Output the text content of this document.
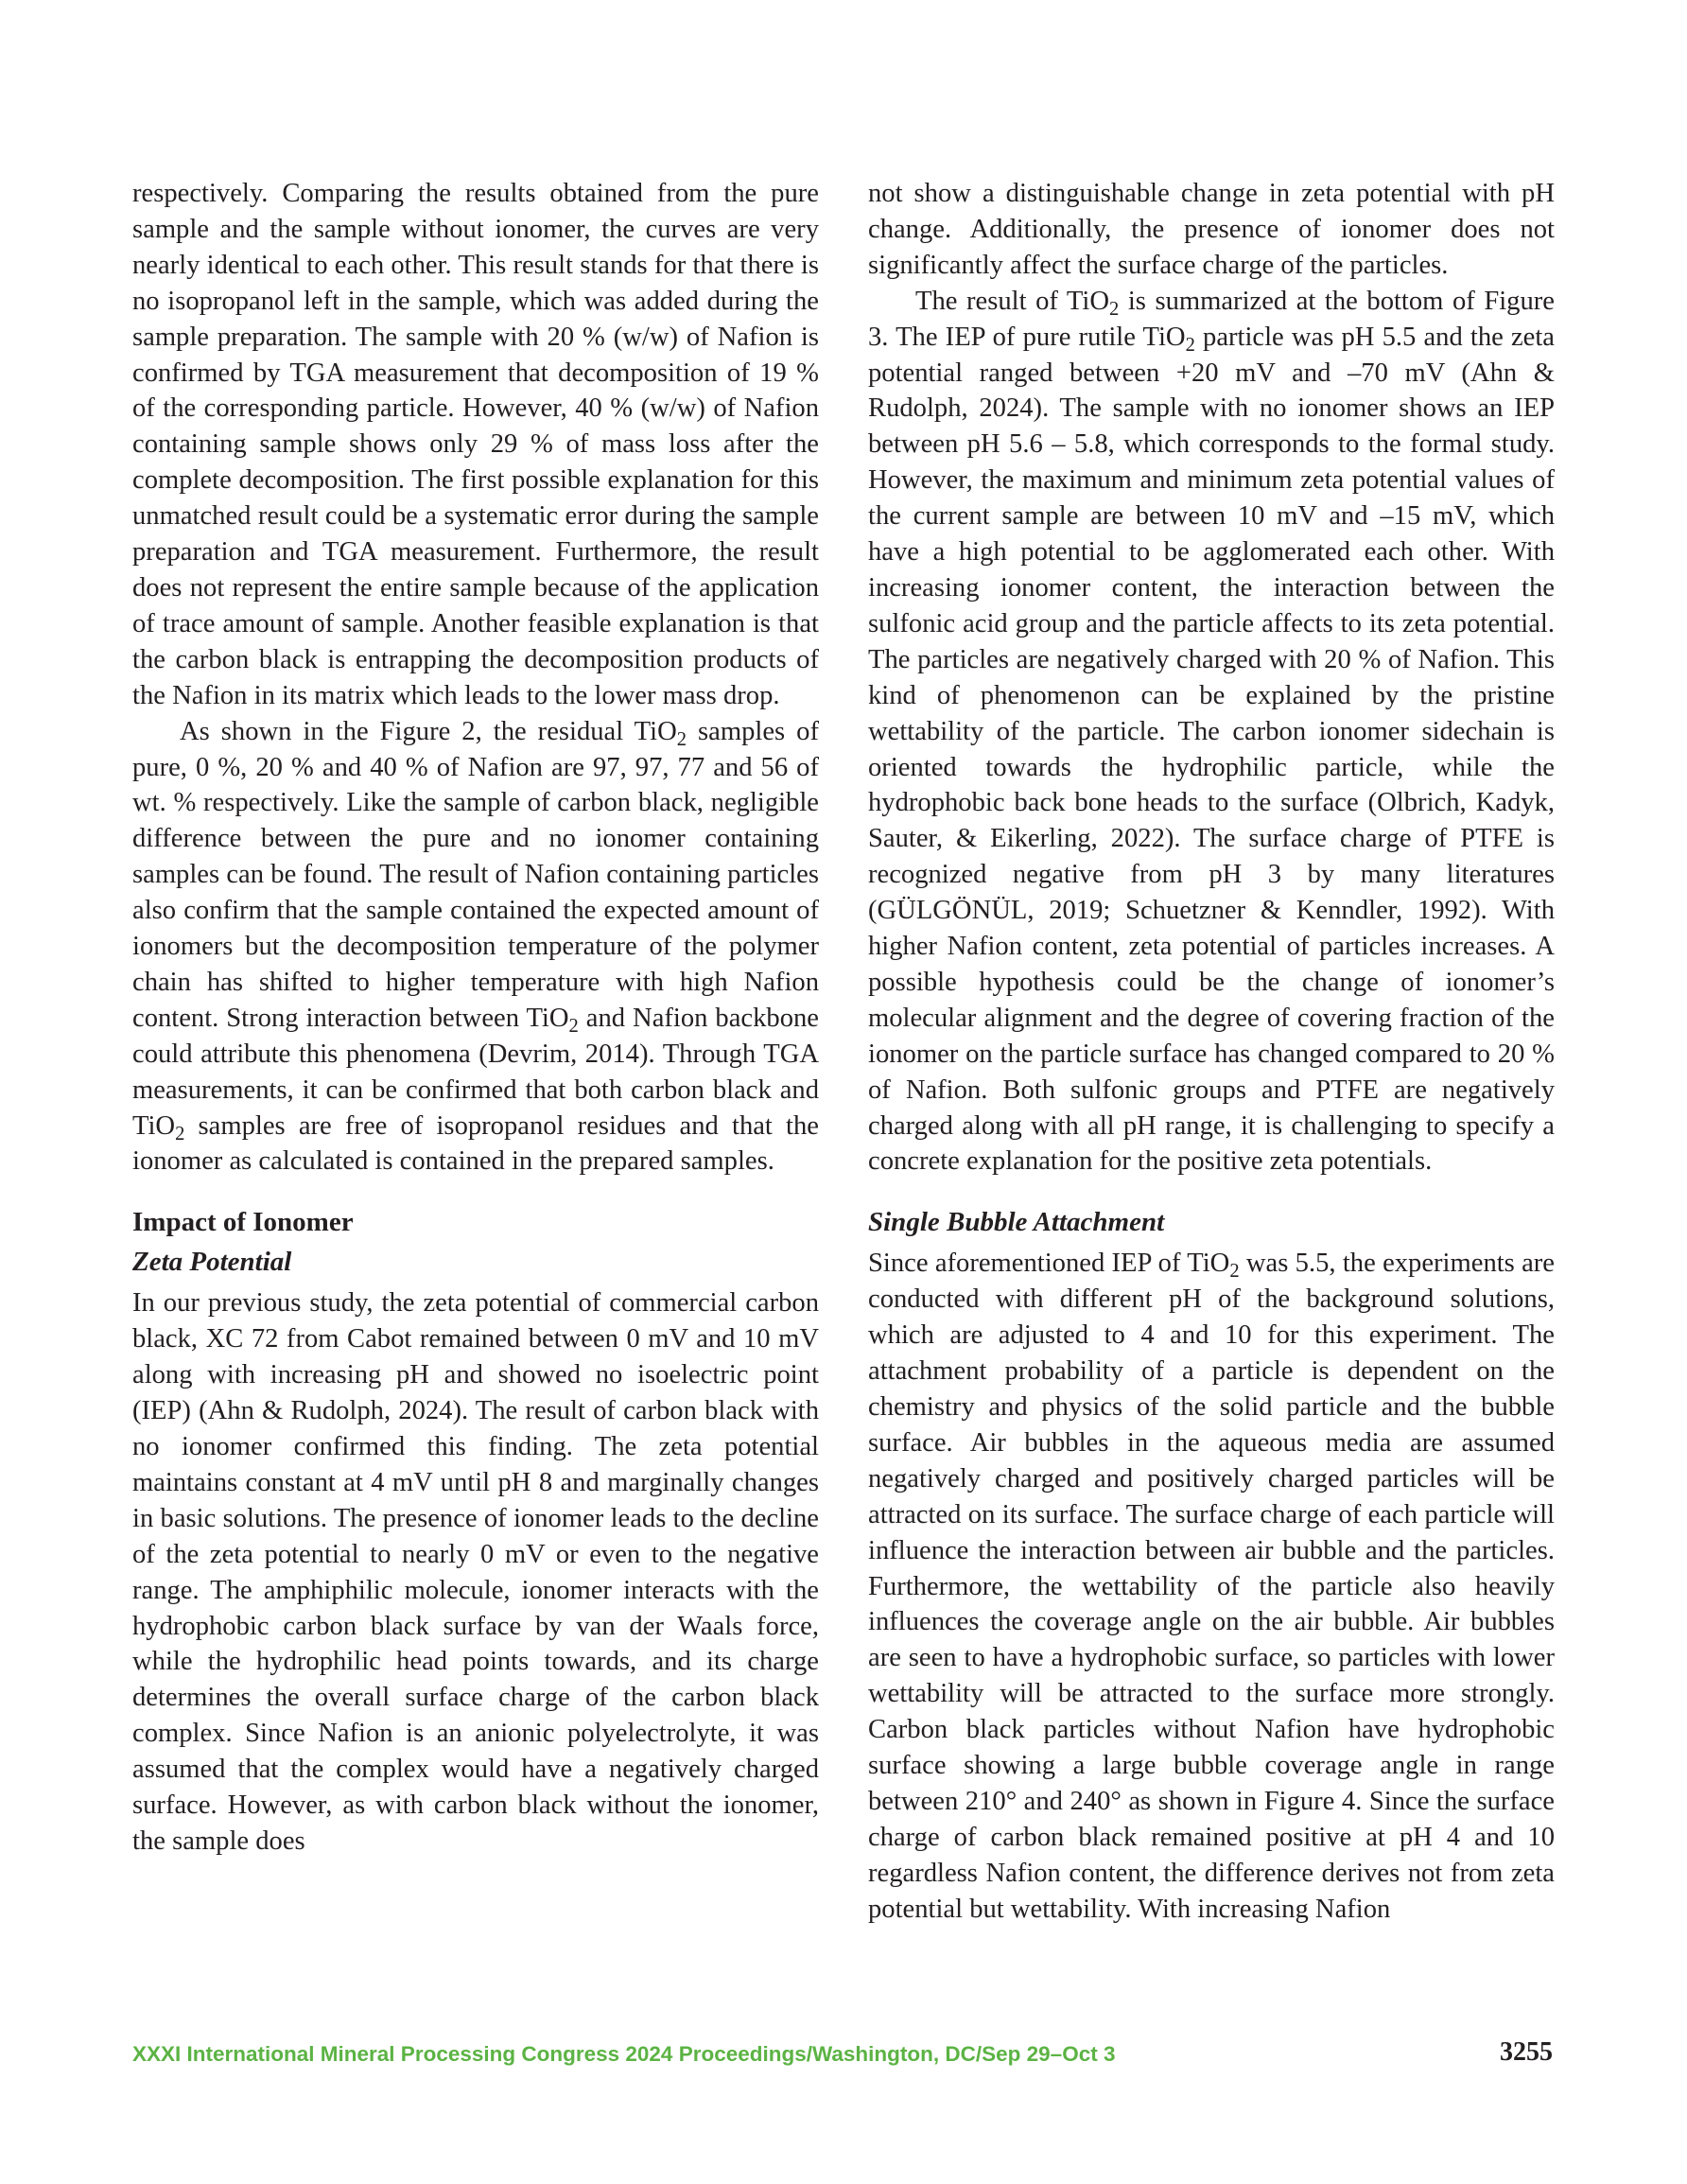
respectively. Comparing the results obtained from the pure sample and the sample without ionomer, the curves are very nearly identical to each other. This result stands for that there is no isopropanol left in the sample, which was added during the sample preparation. The sample with 20 % (w/w) of Nafion is confirmed by TGA measurement that decomposition of 19 % of the corresponding particle. However, 40 % (w/w) of Nafion containing sample shows only 29 % of mass loss after the complete decomposition. The first possible explanation for this unmatched result could be a systematic error during the sample preparation and TGA measurement. Furthermore, the result does not represent the entire sample because of the application of trace amount of sample. Another feasible explanation is that the carbon black is entrapping the decomposition products of the Nafion in its matrix which leads to the lower mass drop.

As shown in the Figure 2, the residual TiO$_2$ samples of pure, 0 %, 20 % and 40 % of Nafion are 97, 97, 77 and 56 of wt. % respectively. Like the sample of carbon black, negligible difference between the pure and no ionomer containing samples can be found. The result of Nafion containing particles also confirm that the sample contained the expected amount of ionomers but the decomposition temperature of the polymer chain has shifted to higher temperature with high Nafion content. Strong interaction between TiO$_2$ and Nafion backbone could attribute this phenomena (Devrim, 2014). Through TGA measurements, it can be confirmed that both carbon black and TiO$_2$ samples are free of isopropanol residues and that the ionomer as calculated is contained in the prepared samples.

Impact of Ionomer
Zeta Potential

In our previous study, the zeta potential of commercial carbon black, XC 72 from Cabot remained between 0 mV and 10 mV along with increasing pH and showed no isoelectric point (IEP) (Ahn & Rudolph, 2024). The result of carbon black with no ionomer confirmed this finding. The zeta potential maintains constant at 4 mV until pH 8 and marginally changes in basic solutions. The presence of ionomer leads to the decline of the zeta potential to nearly 0 mV or even to the negative range. The amphiphilic molecule, ionomer interacts with the hydrophobic carbon black surface by van der Waals force, while the hydrophilic head points towards, and its charge determines the overall surface charge of the carbon black complex. Since Nafion is an anionic polyelectrolyte, it was assumed that the complex would have a negatively charged surface. However, as with carbon black without the ionomer, the sample does

not show a distinguishable change in zeta potential with pH change. Additionally, the presence of ionomer does not significantly affect the surface charge of the particles.

The result of TiO$_2$ is summarized at the bottom of Figure 3. The IEP of pure rutile TiO$_2$ particle was pH 5.5 and the zeta potential ranged between +20 mV and –70 mV (Ahn & Rudolph, 2024). The sample with no ionomer shows an IEP between pH 5.6 – 5.8, which corresponds to the formal study. However, the maximum and minimum zeta potential values of the current sample are between 10 mV and –15 mV, which have a high potential to be agglomerated each other. With increasing ionomer content, the interaction between the sulfonic acid group and the particle affects to its zeta potential. The particles are negatively charged with 20 % of Nafion. This kind of phenomenon can be explained by the pristine wettability of the particle. The carbon ionomer sidechain is oriented towards the hydrophilic particle, while the hydrophobic back bone heads to the surface (Olbrich, Kadyk, Sauter, & Eikerling, 2022). The surface charge of PTFE is recognized negative from pH 3 by many literatures (GÜLGÖNÜL, 2019; Schuetzner & Kenndler, 1992). With higher Nafion content, zeta potential of particles increases. A possible hypothesis could be the change of ionomer’s molecular alignment and the degree of covering fraction of the ionomer on the particle surface has changed compared to 20 % of Nafion. Both sulfonic groups and PTFE are negatively charged along with all pH range, it is challenging to specify a concrete explanation for the positive zeta potentials.

Single Bubble Attachment

Since aforementioned IEP of TiO$_2$ was 5.5, the experiments are conducted with different pH of the background solutions, which are adjusted to 4 and 10 for this experiment. The attachment probability of a particle is dependent on the chemistry and physics of the solid particle and the bubble surface. Air bubbles in the aqueous media are assumed negatively charged and positively charged particles will be attracted on its surface. The surface charge of each particle will influence the interaction between air bubble and the particles. Furthermore, the wettability of the particle also heavily influences the coverage angle on the air bubble. Air bubbles are seen to have a hydrophobic surface, so particles with lower wettability will be attracted to the surface more strongly. Carbon black particles without Nafion have hydrophobic surface showing a large bubble coverage angle in range between 210° and 240° as shown in Figure 4. Since the surface charge of carbon black remained positive at pH 4 and 10 regardless Nafion content, the difference derives not from zeta potential but wettability. With increasing Nafion

XXXI International Mineral Processing Congress 2024 Proceedings/Washington, DC/Sep 29–Oct 3	3255
